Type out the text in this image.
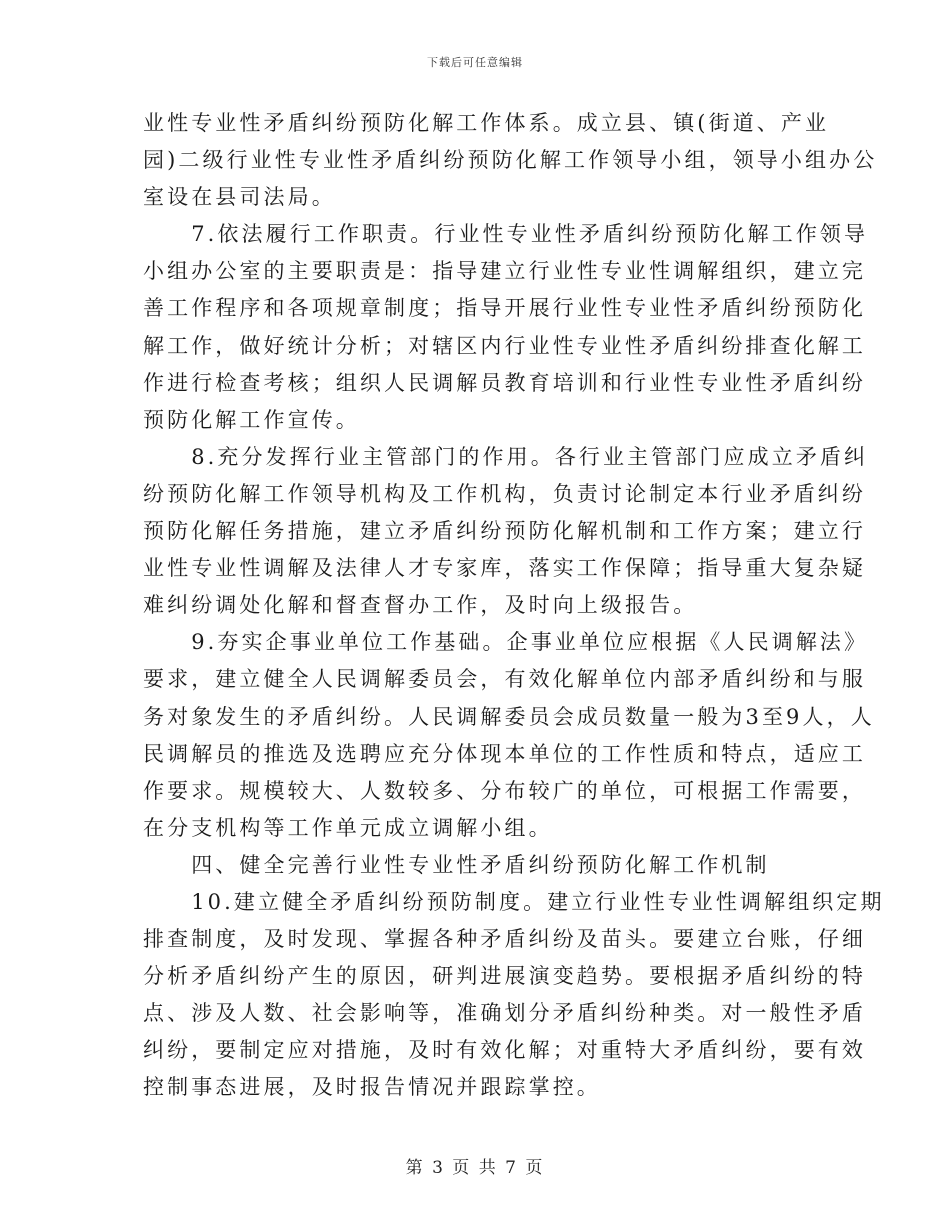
下载后可任意编辑
业性专业性矛盾纠纷预防化解工作体系。成立县、镇(街道、产业
园)二级行业性专业性矛盾纠纷预防化解工作领导小组，领导小组办公
室设在县司法局。
　　7.依法履行工作职责。行业性专业性矛盾纠纷预防化解工作领导
小组办公室的主要职责是：指导建立行业性专业性调解组织，建立完
善工作程序和各项规章制度；指导开展行业性专业性矛盾纠纷预防化
解工作，做好统计分析；对辖区内行业性专业性矛盾纠纷排查化解工
作进行检查考核；组织人民调解员教育培训和行业性专业性矛盾纠纷
预防化解工作宣传。
　　8.充分发挥行业主管部门的作用。各行业主管部门应成立矛盾纠
纷预防化解工作领导机构及工作机构，负责讨论制定本行业矛盾纠纷
预防化解任务措施，建立矛盾纠纷预防化解机制和工作方案；建立行
业性专业性调解及法律人才专家库，落实工作保障；指导重大复杂疑
难纠纷调处化解和督查督办工作，及时向上级报告。
　　9.夯实企事业单位工作基础。企事业单位应根据《人民调解法》
要求，建立健全人民调解委员会，有效化解单位内部矛盾纠纷和与服
务对象发生的矛盾纠纷。人民调解委员会成员数量一般为3至9人，人
民调解员的推选及选聘应充分体现本单位的工作性质和特点，适应工
作要求。规模较大、人数较多、分布较广的单位，可根据工作需要，
在分支机构等工作单元成立调解小组。
　　四、健全完善行业性专业性矛盾纠纷预防化解工作机制
　　10.建立健全矛盾纠纷预防制度。建立行业性专业性调解组织定期
排查制度，及时发现、掌握各种矛盾纠纷及苗头。要建立台账，仔细
分析矛盾纠纷产生的原因，研判进展演变趋势。要根据矛盾纠纷的特
点、涉及人数、社会影响等，准确划分矛盾纠纷种类。对一般性矛盾
纠纷，要制定应对措施，及时有效化解；对重特大矛盾纠纷，要有效
控制事态进展，及时报告情况并跟踪掌控。
第 3 页 共 7 页
